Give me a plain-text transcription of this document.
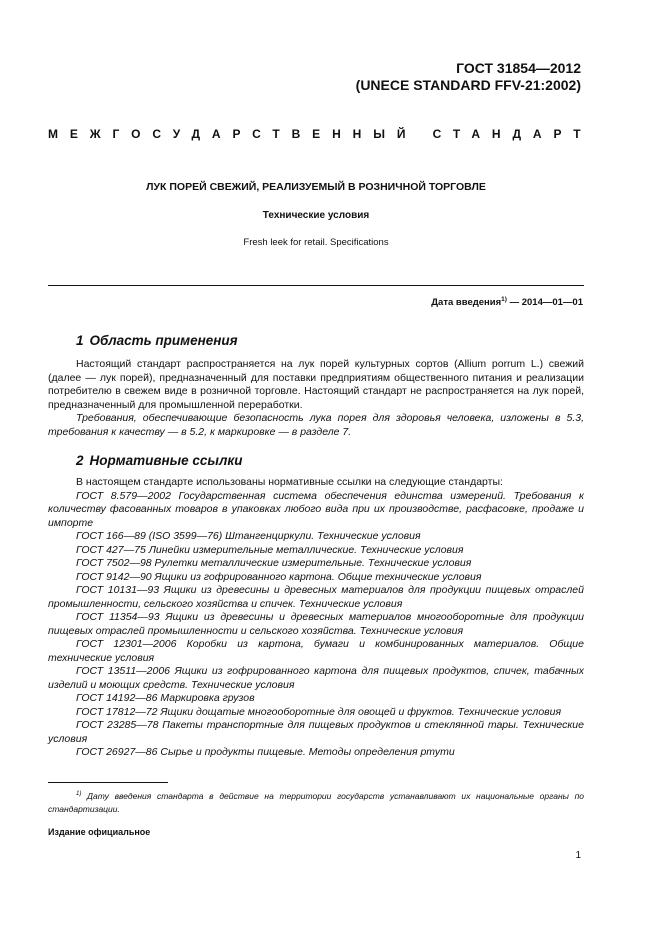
ГОСТ 31854—2012
(UNECE STANDARD FFV-21:2002)
МЕЖГОСУДАРСТВЕННЫЙ СТАНДАРТ
ЛУК ПОРЕЙ СВЕЖИЙ, РЕАЛИЗУЕМЫЙ В РОЗНИЧНОЙ ТОРГОВЛЕ
Технические условия
Fresh leek for retail. Specifications
Дата введения$^{1)}$ — 2014—01—01
1 Область применения

Настоящий стандарт распространяется на лук порей культурных сортов (Allium porrum L.) свежий (далее — лук порей), предназначенный для поставки предприятиям общественного питания и реализации потребителю в свежем виде в розничной торговле. Настоящий стандарт не распространяется на лук порей, предназначенный для промышленной переработки.

Требования, обеспечивающие безопасность лука порея для здоровья человека, изложены в 5.3, требования к качеству — в 5.2, к маркировке — в разделе 7.

2 Нормативные ссылки

В настоящем стандарте использованы нормативные ссылки на следующие стандарты:

ГОСТ 8.579—2002 Государственная система обеспечения единства измерений. Требования к количеству фасованных товаров в упаковках любого вида при их производстве, расфасовке, продаже и импорте

ГОСТ 166—89 (ISO 3599—76) Штангенциркули. Технические условия

ГОСТ 427—75 Линейки измерительные металлические. Технические условия

ГОСТ 7502—98 Рулетки металлические измерительные. Технические условия

ГОСТ 9142—90 Ящики из гофрированного картона. Общие технические условия

ГОСТ 10131—93 Ящики из древесины и древесных материалов для продукции пищевых отраслей промышленности, сельского хозяйства и спичек. Технические условия

ГОСТ 11354—93 Ящики из древесины и древесных материалов многооборотные для продукции пищевых отраслей промышленности и сельского хозяйства. Технические условия

ГОСТ 12301—2006 Коробки из картона, бумаги и комбинированных материалов. Общие технические условия

ГОСТ 13511—2006 Ящики из гофрированного картона для пищевых продуктов, спичек, табачных изделий и моющих средств. Технические условия

ГОСТ 14192—86 Маркировка грузов

ГОСТ 17812—72 Ящики дощатые многооборотные для овощей и фруктов. Технические условия

ГОСТ 23285—78 Пакеты транспортные для пищевых продуктов и стеклянной тары. Технические условия

ГОСТ 26927—86 Сырье и продукты пищевые. Методы определения ртути

$^{1)}$ Дату введения стандарта в действие на территории государств устанавливают их национальные органы по стандартизации.

Издание официальное
1
